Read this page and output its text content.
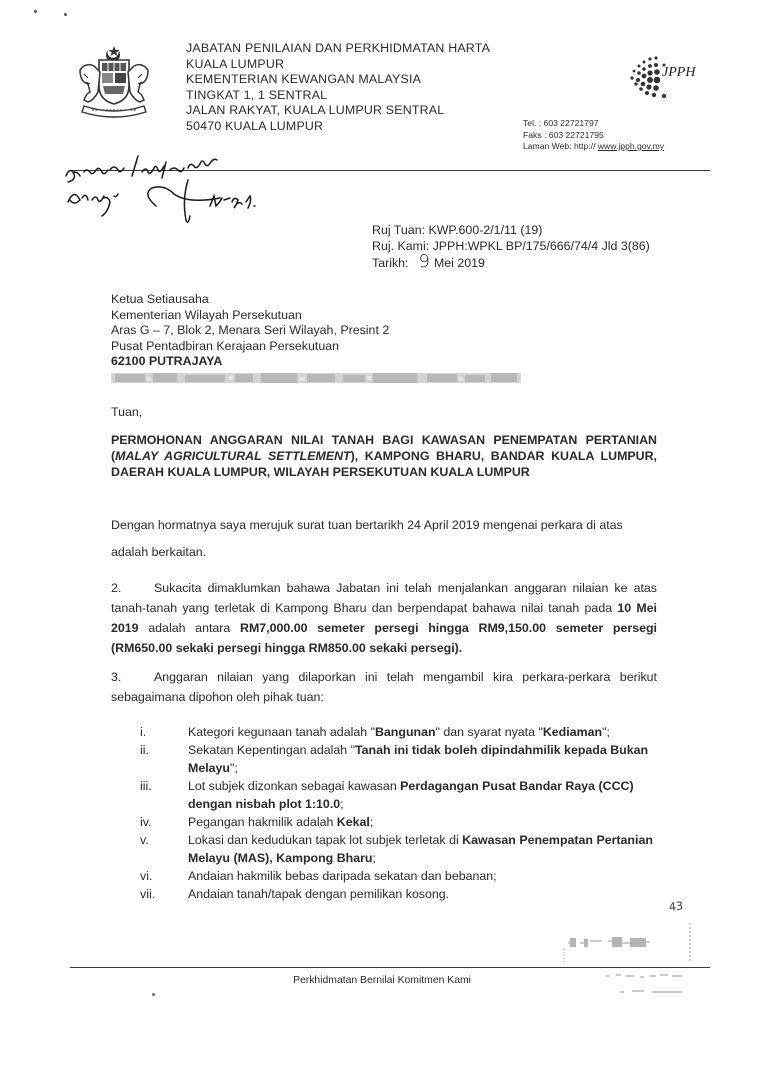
JABATAN PENILAIAN DAN PERKHIDMATAN HARTA
KUALA LUMPUR
KEMENTERIAN KEWANGAN MALAYSIA
TINGKAT 1, 1 SENTRAL
JALAN RAKYAT, KUALA LUMPUR SENTRAL
50470 KUALA LUMPUR
JPPH
Tel. : 603 22721797
Faks : 603 22721795
Laman Web: http:// www.jpph.gov.my
Ruj Tuan: KWP.600-2/1/11 (19)
Ruj. Kami: JPPH:WPKL BP/175/666/74/4 Jld 3(86)
Tarikh: 9 Mei 2019
Ketua Setiausaha
Kementerian Wilayah Persekutuan
Aras G – 7, Blok 2, Menara Seri Wilayah, Presint 2
Pusat Pentadbiran Kerajaan Persekutuan
62100 PUTRAJAYA
Tuan,
PERMOHONAN ANGGARAN NILAI TANAH BAGI KAWASAN PENEMPATAN PERTANIAN (MALAY AGRICULTURAL SETTLEMENT), KAMPONG BHARU, BANDAR KUALA LUMPUR, DAERAH KUALA LUMPUR, WILAYAH PERSEKUTUAN KUALA LUMPUR
Dengan hormatnya saya merujuk surat tuan bertarikh 24 April 2019 mengenai perkara di atas adalah berkaitan.
2.	Sukacita dimaklumkan bahawa Jabatan ini telah menjalankan anggaran nilaian ke atas tanah-tanah yang terletak di Kampong Bharu dan berpendapat bahawa nilai tanah pada 10 Mei 2019 adalah antara RM7,000.00 semeter persegi hingga RM9,150.00 semeter persegi (RM650.00 sekaki persegi hingga RM850.00 sekaki persegi).
3.	Anggaran nilaian yang dilaporkan ini telah mengambil kira perkara-perkara berikut sebagaimana dipohon oleh pihak tuan:
i.	Kategori kegunaan tanah adalah "Bangunan" dan syarat nyata "Kediaman";
ii.	Sekatan Kepentingan adalah "Tanah ini tidak boleh dipindahmilik kepada Bukan Melayu";
iii.	Lot subjek dizonkan sebagai kawasan Perdagangan Pusat Bandar Raya (CCC) dengan nisbah plot 1:10.0;
iv.	Pegangan hakmilik adalah Kekal;
v.	Lokasi dan kedudukan tapak lot subjek terletak di Kawasan Penempatan Pertanian Melayu (MAS), Kampong Bharu;
vi.	Andaian hakmilik bebas daripada sekatan dan bebanan;
vii.	Andaian tanah/tapak dengan pemilikan kosong.
43
Perkhidmatan Bernilai Komitmen Kami
